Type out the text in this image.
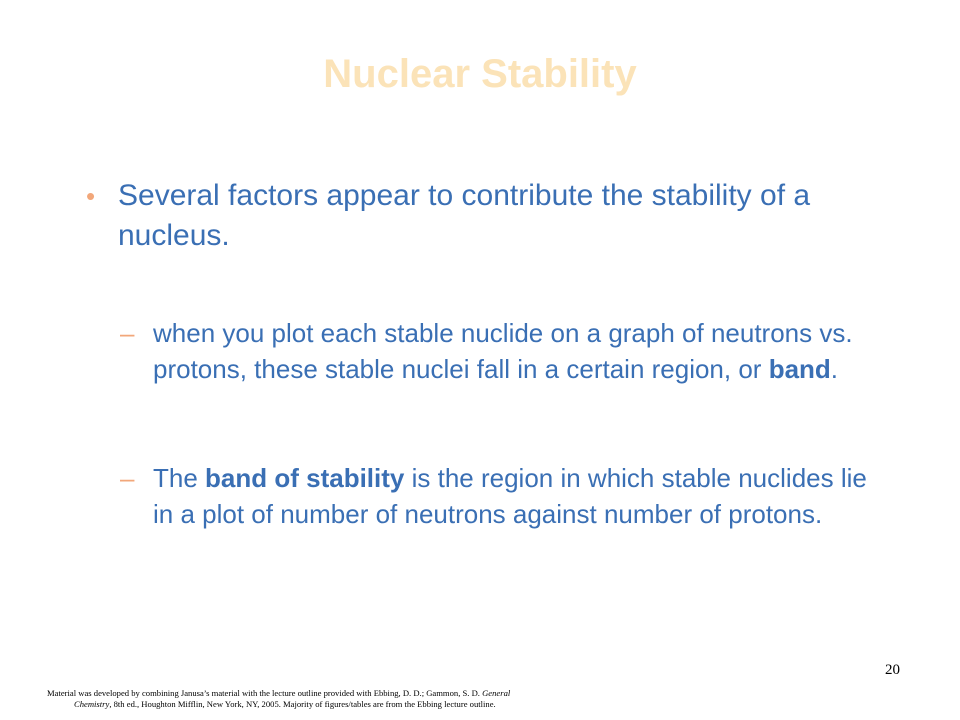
Nuclear Stability
• Several factors appear to contribute the stability of a nucleus.
– when you plot each stable nuclide on a graph of neutrons vs. protons, these stable nuclei fall in a certain region, or band.
– The band of stability is the region in which stable nuclides lie in a plot of number of neutrons against number of protons.
20
Material was developed by combining Janusa’s material with the lecture outline provided with Ebbing, D. D.; Gammon, S. D. General
Chemistry, 8th ed., Houghton Mifflin, New York, NY, 2005. Majority of figures/tables are from the Ebbing lecture outline.
